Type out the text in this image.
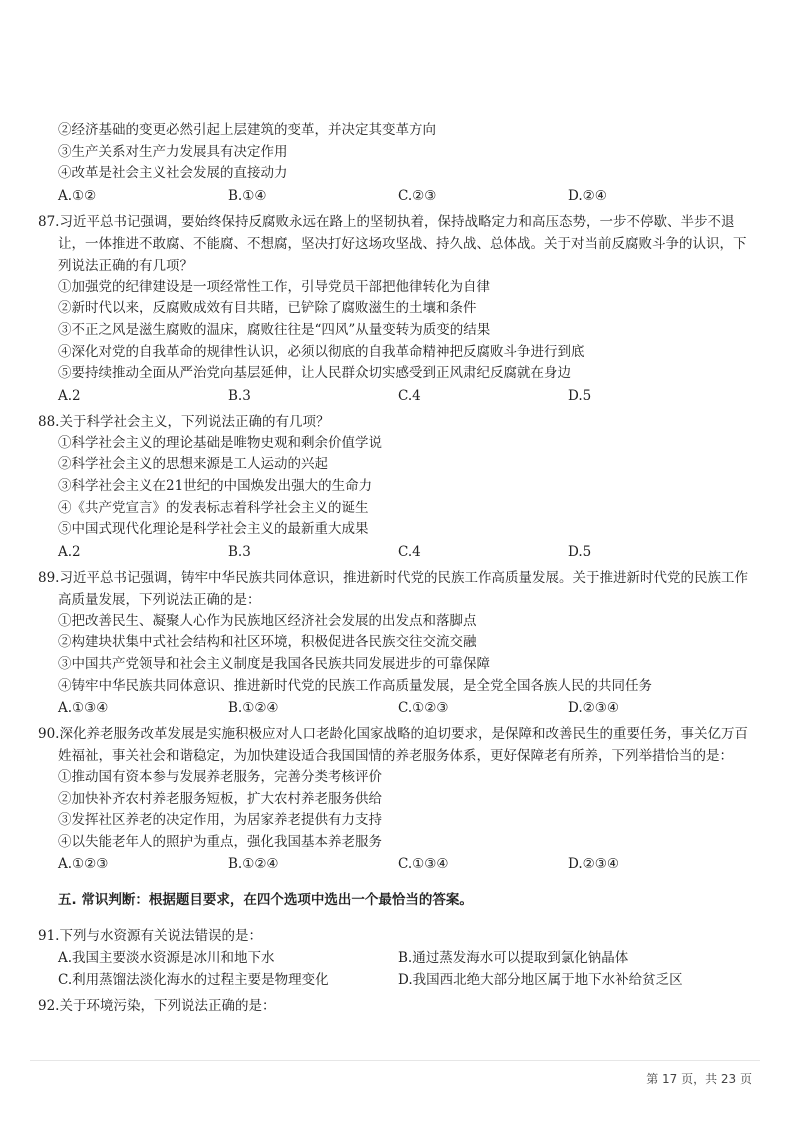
②经济基础的变更必然引起上层建筑的变革，并决定其变革方向
③生产关系对生产力发展具有决定作用
④改革是社会主义社会发展的直接动力
A.①②	B.①④	C.②③	D.②④
87.习近平总书记强调，要始终保持反腐败永远在路上的坚韧执着，保持战略定力和高压态势，一步不停歇、半步不退让，一体推进不敢腐、不能腐、不想腐，坚决打好这场攻坚战、持久战、总体战。关于对当前反腐败斗争的认识，下列说法正确的有几项？
①加强党的纪律建设是一项经常性工作，引导党员干部把他律转化为自律
②新时代以来，反腐败成效有目共睹，已铲除了腐败滋生的土壤和条件
③不正之风是滋生腐败的温床，腐败往往是“四风”从量变转为质变的结果
④深化对党的自我革命的规律性认识，必须以彻底的自我革命精神把反腐败斗争进行到底
⑤要持续推动全面从严治党向基层延伸，让人民群众切实感受到正风肃纪反腐就在身边
A.2	B.3	C.4	D.5
88.关于科学社会主义，下列说法正确的有几项？
①科学社会主义的理论基础是唯物史观和剩余价值学说
②科学社会主义的思想来源是工人运动的兴起
③科学社会主义在21世纪的中国焕发出强大的生命力
④《共产党宣言》的发表标志着科学社会主义的诞生
⑤中国式现代化理论是科学社会主义的最新重大成果
A.2	B.3	C.4	D.5
89.习近平总书记强调，铸牢中华民族共同体意识，推进新时代党的民族工作高质量发展。关于推进新时代党的民族工作高质量发展，下列说法正确的是：
①把改善民生、凝聚人心作为民族地区经济社会发展的出发点和落脚点
②构建块状集中式社会结构和社区环境，积极促进各民族交往交流交融
③中国共产党领导和社会主义制度是我国各民族共同发展进步的可靠保障
④铸牢中华民族共同体意识、推进新时代党的民族工作高质量发展，是全党全国各族人民的共同任务
A.①③④	B.①②④	C.①②③	D.②③④
90.深化养老服务改革发展是实施积极应对人口老龄化国家战略的迫切要求，是保障和改善民生的重要任务，事关亿万百姓福祉，事关社会和谐稳定，为加快建设适合我国国情的养老服务体系，更好保障老有所养，下列举措恰当的是：
①推动国有资本参与发展养老服务，完善分类考核评价
②加快补齐农村养老服务短板，扩大农村养老服务供给
③发挥社区养老的决定作用，为居家养老提供有力支持
④以失能老年人的照护为重点，强化我国基本养老服务
A.①②③	B.①②④	C.①③④	D.②③④
五. 常识判断：根据题目要求，在四个选项中选出一个最恰当的答案。
91.下列与水资源有关说法错误的是：
A.我国主要淡水资源是冰川和地下水	B.通过蒸发海水可以提取到氯化钠晶体
C.利用蒸馏法淡化海水的过程主要是物理变化	D.我国西北绝大部分地区属于地下水补给贫乏区
92.关于环境污染，下列说法正确的是：
第 17 页，共 23 页
